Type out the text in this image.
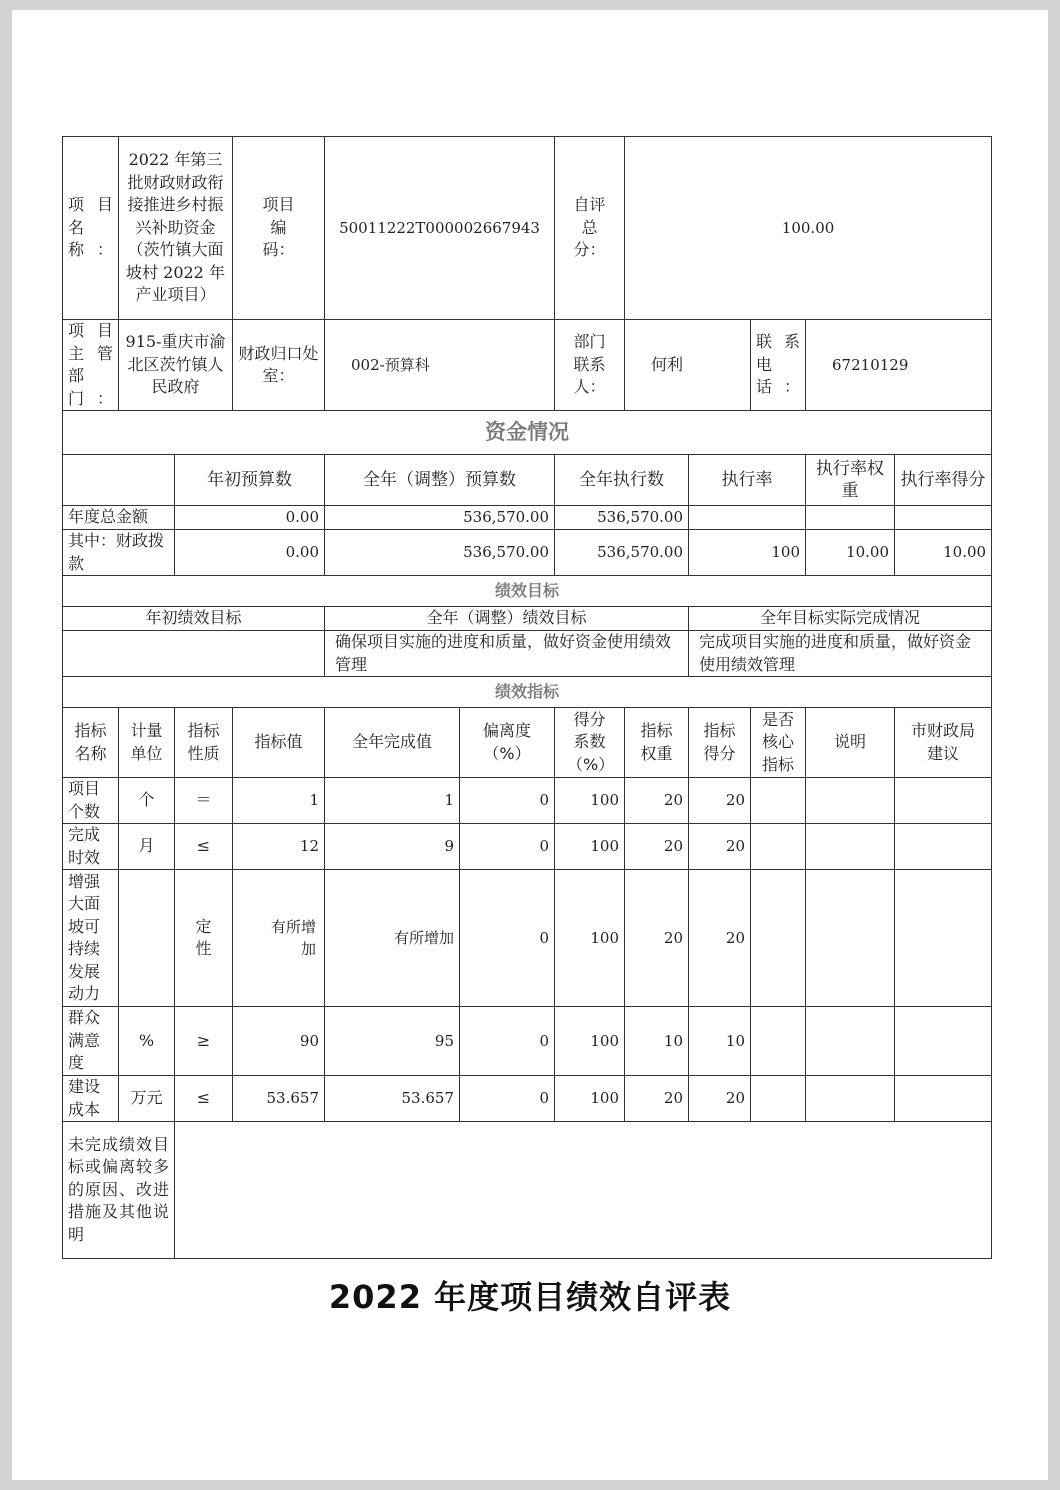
项目名称：	2022 年第三批财政财政衔接推进乡村振兴补助资金（茨竹镇大面坡村 2022 年产业项目）		项目编码：	50011222T000002667943		自评总分：	100.00				
项目主管部门：	915-重庆市渝北区茨竹镇人民政府		财政归口处室：	002-预算科		部门联系人：	何利		联系电话：	67210129	
资金情况											
		年初预算数		全年（调整）预算数		全年执行数		执行率		执行率权重	执行率得分
年度总金额		0.00		536,570.00		536,570.00					
其中：财政拨款		0.00		536,570.00		536,570.00		100		10.00	10.00
绩效目标											
年初绩效目标				全年（调整）绩效目标				全年目标实际完成情况			
				确保项目实施的进度和质量，做好资金使用绩效管理				完成项目实施的进度和质量，做好资金使用绩效管理			
绩效指标											
指标名称	计量单位	指标性质	指标值	全年完成值	偏离度（%）	得分系数（%）	指标权重	指标得分	是否核心指标	说明	市财政局建议
项目个数	个	＝	1	1	0	100	20	20			
完成时效	月	≤	12	9	0	100	20	20			
增强大面坡可持续发展动力		定性	有所增加	有所增加	0	100	20	20			
群众满意度	%	≥	90	95	0	100	10	10			
建设成本	万元	≤	53.657	53.657	0	100	20	20			
未完成绩效目标或偏离较多的原因、改进措施及其他说明											
2022 年度项目绩效自评表
